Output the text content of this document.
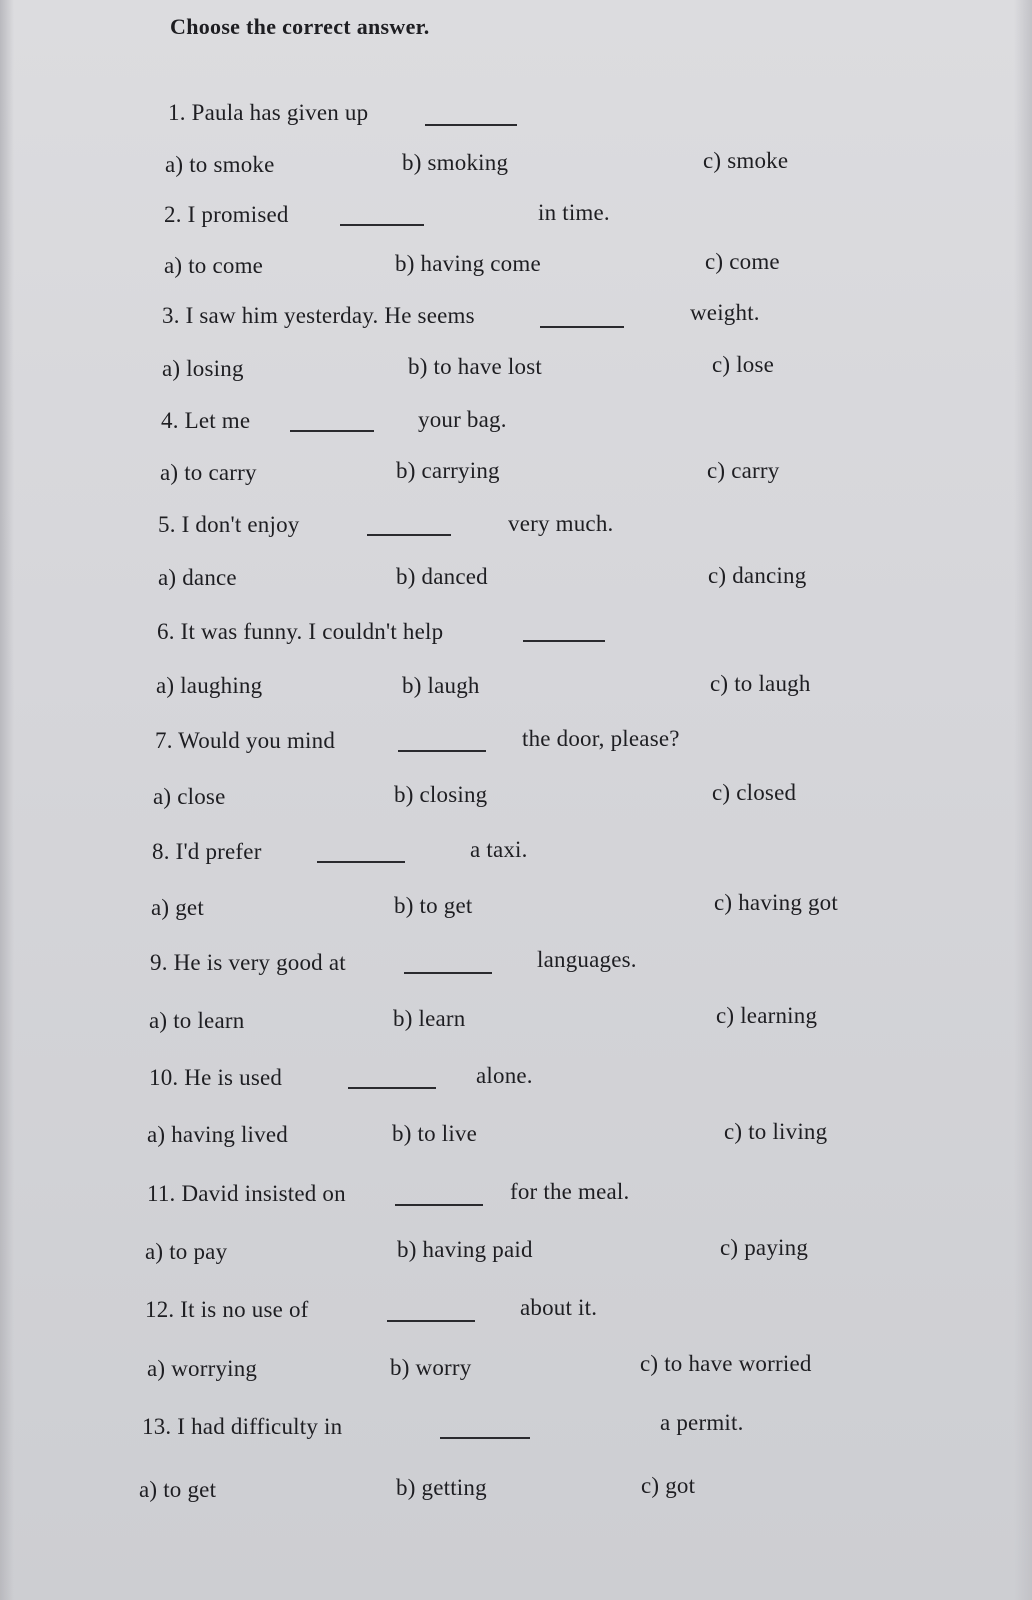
Choose the correct answer.
1. Paula has given up
a) to smoke	b) smoking	c) smoke
2. I promised	in time.
a) to come	b) having come	c) come
3. I saw him yesterday. He seems	weight.
a) losing	b) to have lost	c) lose
4. Let me	your bag.
a) to carry	b) carrying	c) carry
5. I don't enjoy	very much.
a) dance	b) danced	c) dancing
6. It was funny. I couldn't help
a) laughing	b) laugh	c) to laugh
7. Would you mind	the door, please?
a) close	b) closing	c) closed
8. I'd prefer	a taxi.
a) get	b) to get	c) having got
9. He is very good at	languages.
a) to learn	b) learn	c) learning
10. He is used	alone.
a) having lived	b) to live	c) to living
11. David insisted on	for the meal.
a) to pay	b) having paid	c) paying
12. It is no use of	about it.
a) worrying	b) worry	c) to have worried
13. I had difficulty in	a permit.
a) to get	b) getting	c) got
